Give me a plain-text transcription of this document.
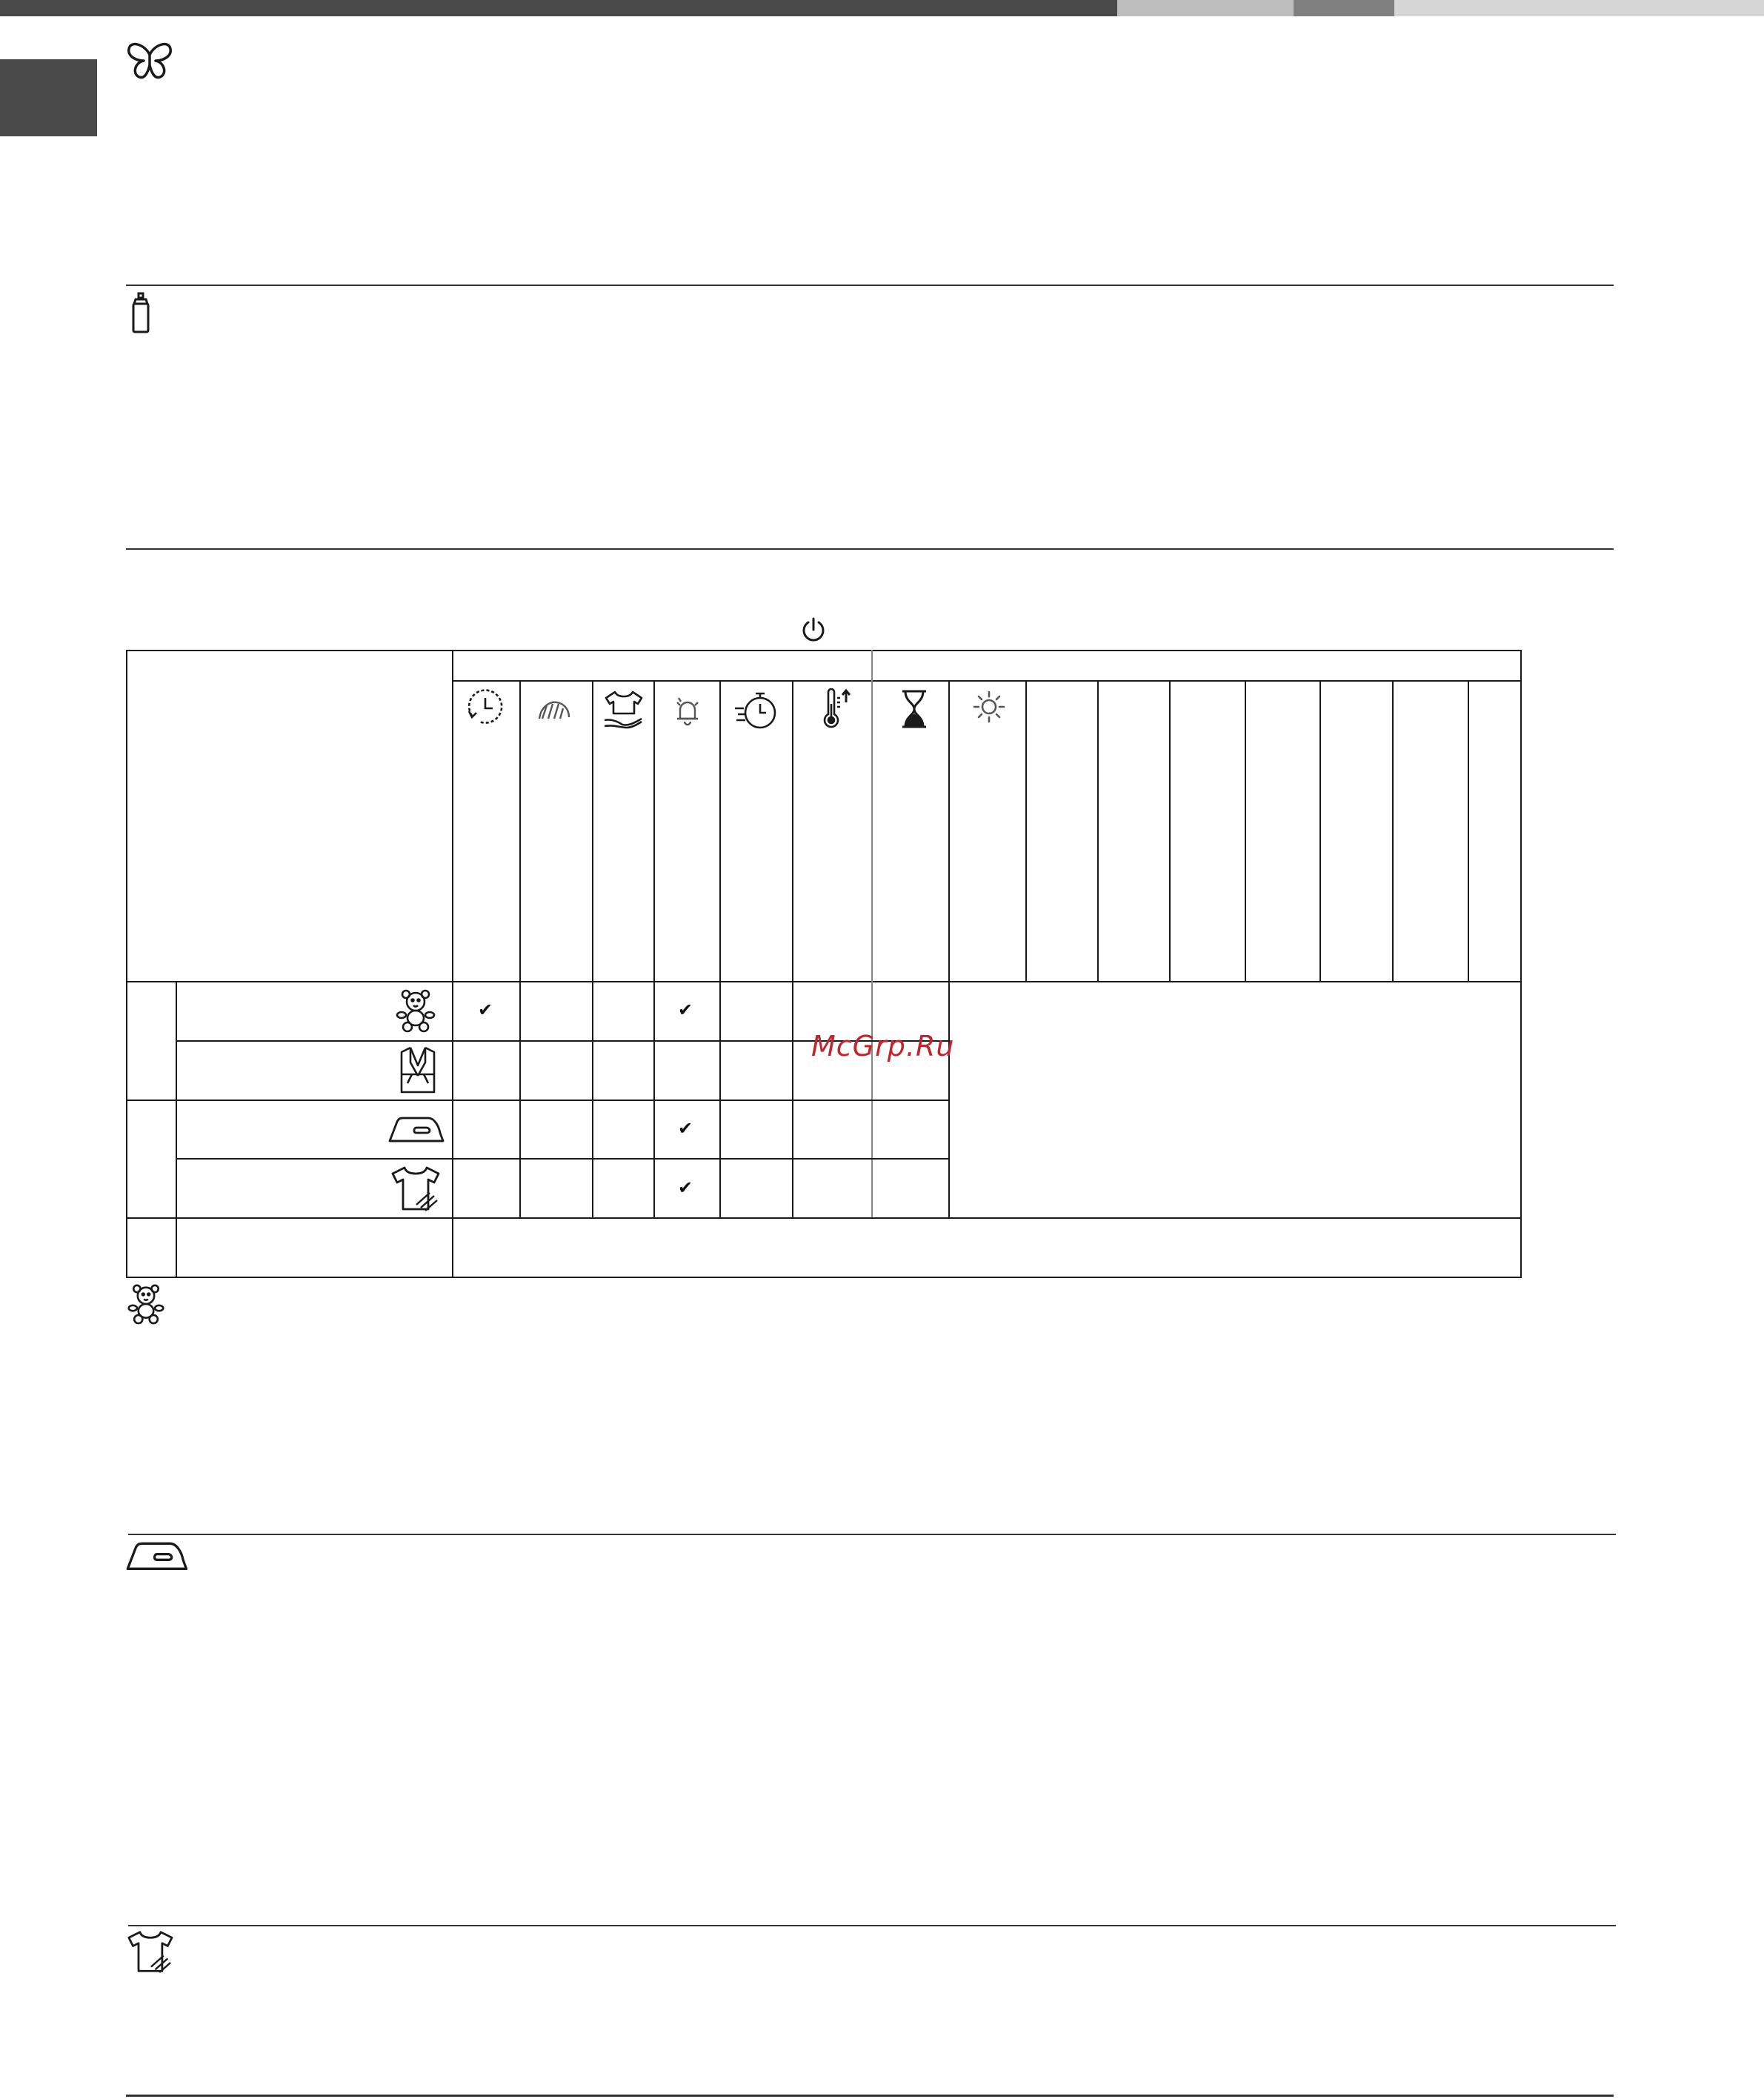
✔	✔
✔
✔
McGrp.Ru
